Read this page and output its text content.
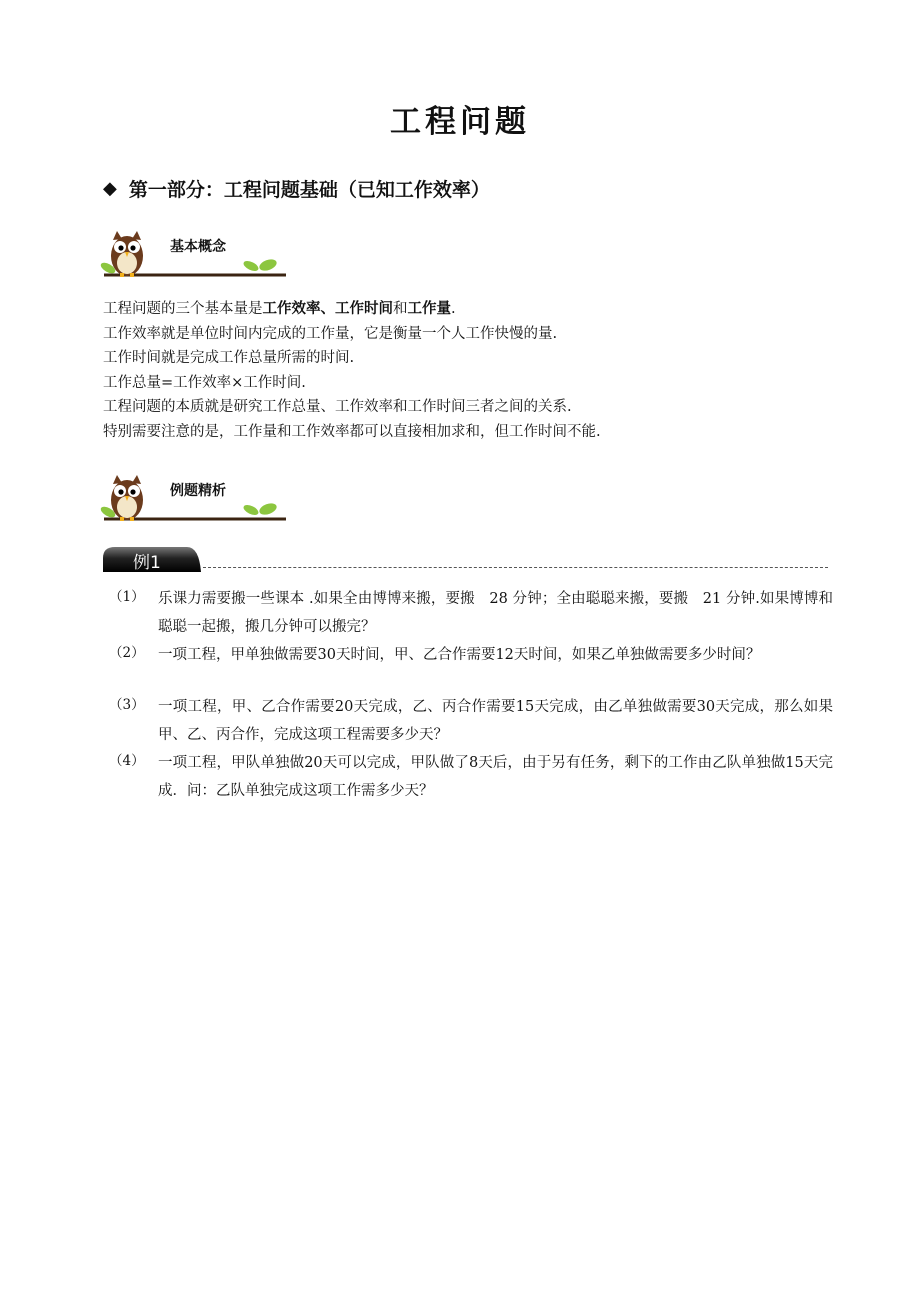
工程问题
◆ 第一部分：工程问题基础（已知工作效率）
基本概念

工程问题的三个基本量是工作效率、工作时间和工作量.

工作效率就是单位时间内完成的工作量，它是衡量一个人工作快慢的量.

工作时间就是完成工作总量所需的时间.

工作总量=工作效率×工作时间.

工程问题的本质就是研究工作总量、工作效率和工作时间三者之间的关系.

特别需要注意的是，工作量和工作效率都可以直接相加求和，但工作时间不能.

例题精析
例1
（1） 乐课力需要搬一些课本 .如果全由博博来搬，要搬　28 分钟；全由聪聪来搬，要搬　21 分钟.如果博博和聪聪一起搬，搬几分钟可以搬完？
（2） 一项工程，甲单独做需要30天时间，甲、乙合作需要12天时间，如果乙单独做需要多少时间？
（3） 一项工程，甲、乙合作需要20天完成，乙、丙合作需要15天完成，由乙单独做需要30天完成，那么如果甲、乙、丙合作，完成这项工程需要多少天？
（4） 一项工程，甲队单独做20天可以完成，甲队做了8天后，由于另有任务，剩下的工作由乙队单独做15天完成．问：乙队单独完成这项工作需多少天？
